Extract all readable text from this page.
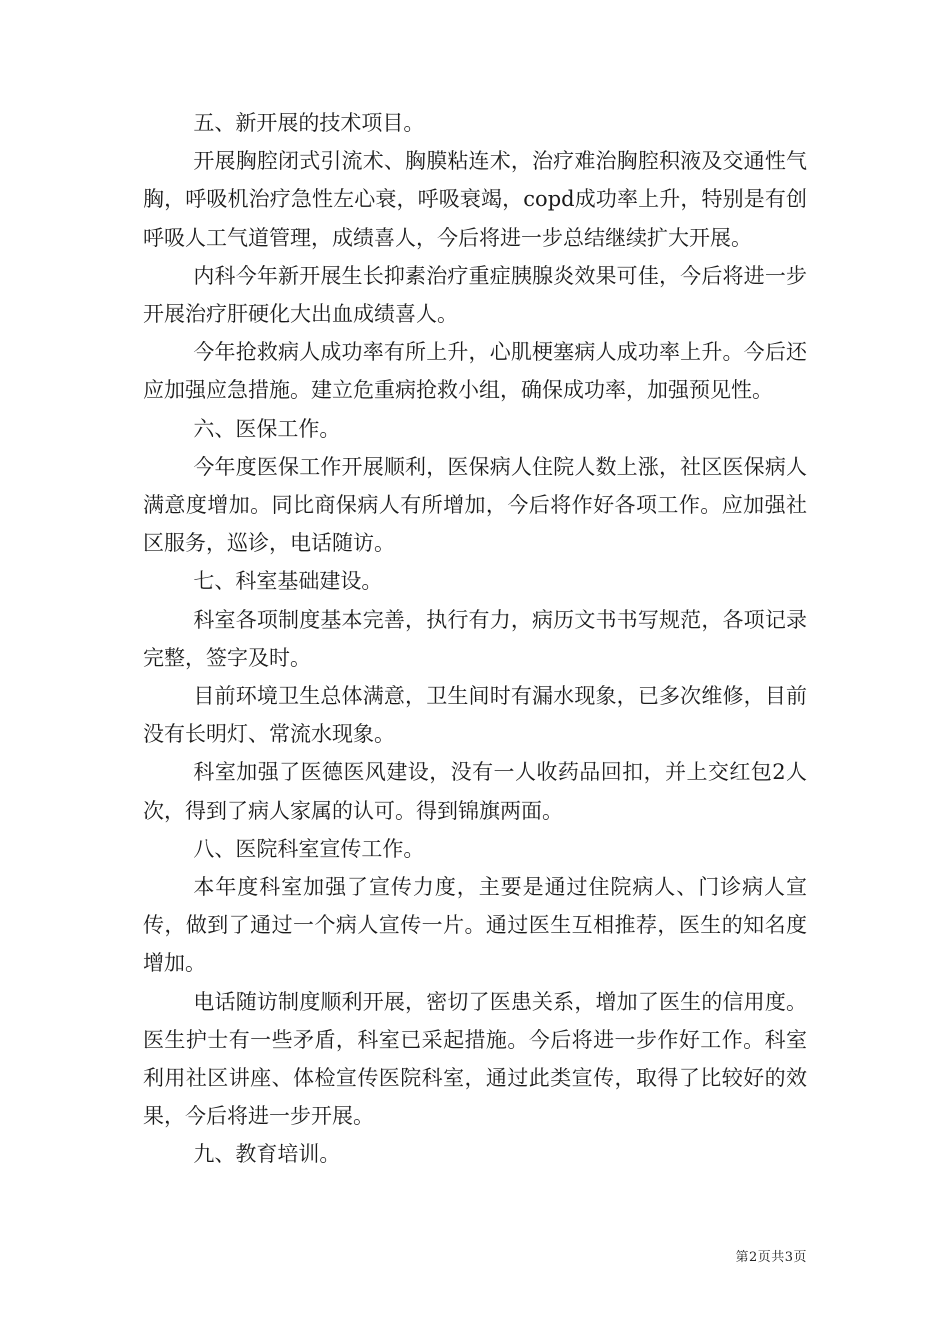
五、新开展的技术项目。

开展胸腔闭式引流术、胸膜粘连术，治疗难治胸腔积液及交通性气胸，呼吸机治疗急性左心衰，呼吸衰竭，copd成功率上升，特别是有创呼吸人工气道管理，成绩喜人，今后将进一步总结继续扩大开展。

内科今年新开展生长抑素治疗重症胰腺炎效果可佳，今后将进一步开展治疗肝硬化大出血成绩喜人。

今年抢救病人成功率有所上升，心肌梗塞病人成功率上升。今后还应加强应急措施。建立危重病抢救小组，确保成功率，加强预见性。

六、医保工作。

今年度医保工作开展顺利，医保病人住院人数上涨，社区医保病人满意度增加。同比商保病人有所增加，今后将作好各项工作。应加强社区服务，巡诊，电话随访。

七、科室基础建设。

科室各项制度基本完善，执行有力，病历文书书写规范，各项记录完整，签字及时。

目前环境卫生总体满意，卫生间时有漏水现象，已多次维修，目前没有长明灯、常流水现象。

科室加强了医德医风建设，没有一人收药品回扣，并上交红包2人次，得到了病人家属的认可。得到锦旗两面。

八、医院科室宣传工作。

本年度科室加强了宣传力度，主要是通过住院病人、门诊病人宣传，做到了通过一个病人宣传一片。通过医生互相推荐，医生的知名度增加。

电话随访制度顺利开展，密切了医患关系，增加了医生的信用度。医生护士有一些矛盾，科室已采起措施。今后将进一步作好工作。科室利用社区讲座、体检宣传医院科室，通过此类宣传，取得了比较好的效果，今后将进一步开展。

九、教育培训。

第2页共3页
